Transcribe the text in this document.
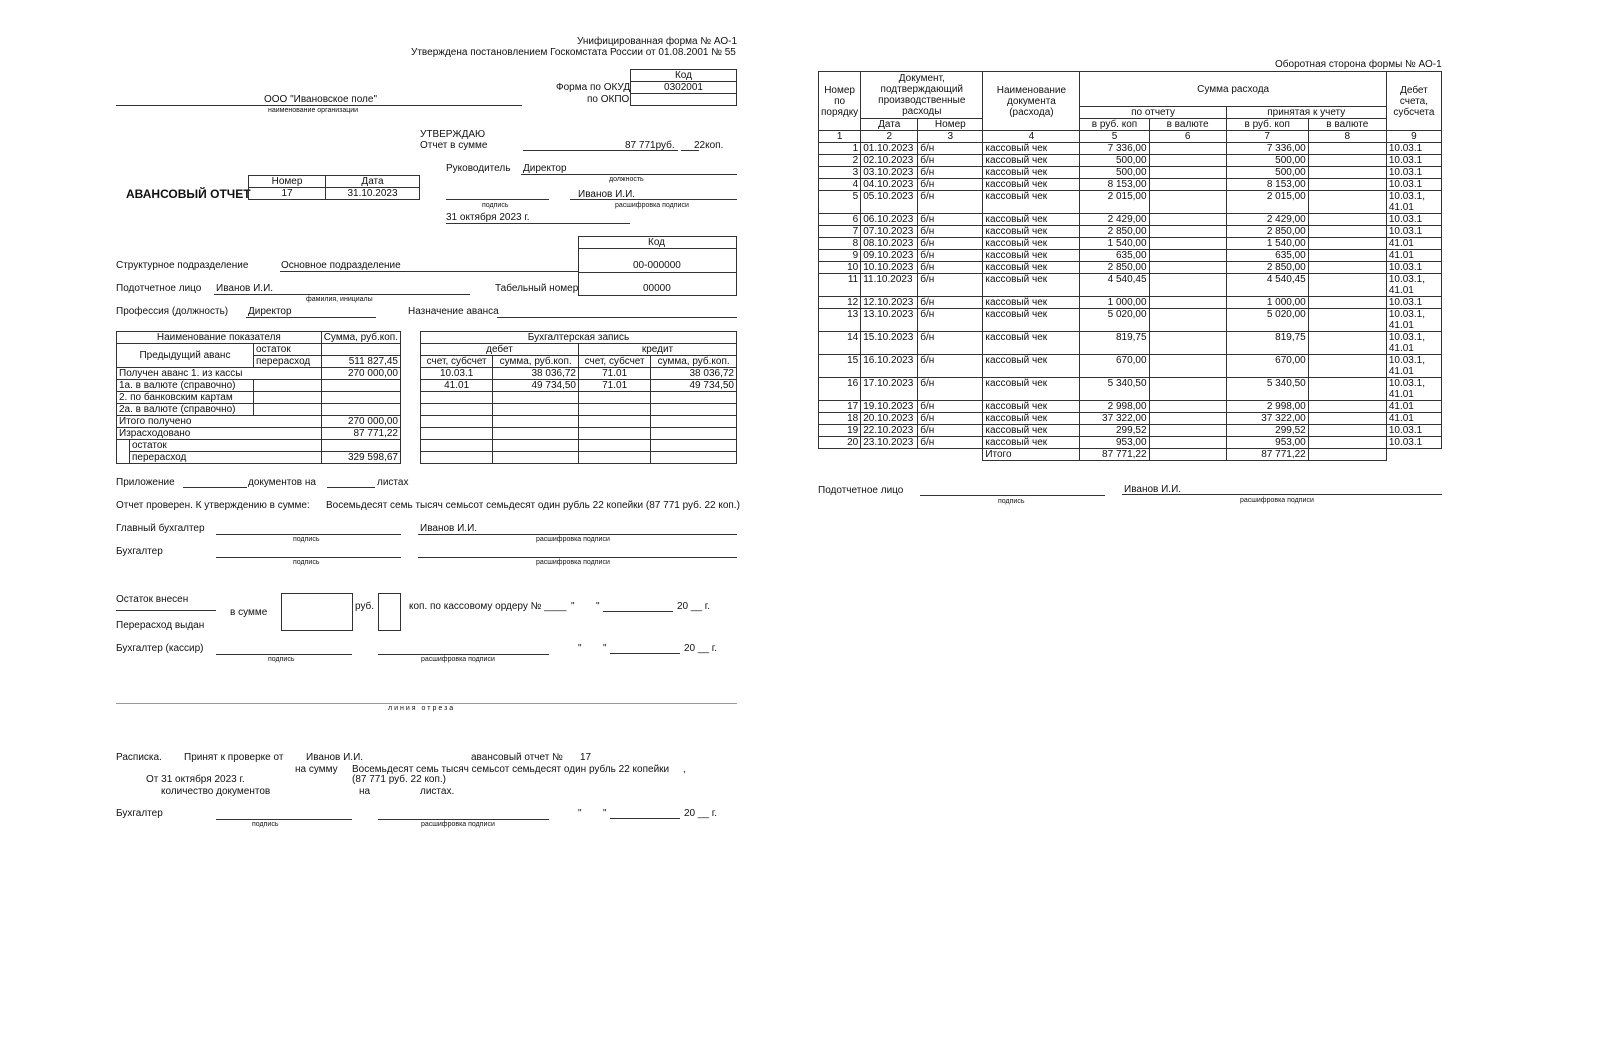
Унифицированная форма № АО-1
Утверждена постановлением Госкомстата России от 01.08.2001 № 55
Код
0302001

Форма по ОКУД
по ОКПО
ООО "Ивановское поле"
наименование организации
УТВЕРЖДАЮ
Отчет в сумме	87 771руб. 22коп.
Руководитель Директор
должность
Иванов И.И.
подпись	расшифровка подписи
31 октября 2023 г.
АВАНСОВЫЙ ОТЧЕТ
Номер	Дата
17	31.10.2023
Код
00-000000
00000
Структурное подразделение	Основное подразделение
Подотчетное лицо Иванов И.И.
фамилия, инициалы
Табельный номер
Профессия (должность) Директор	Назначение аванса
Наименование показателя			Сумма, руб.коп.
Предыдущий аванс		остаток	
		перерасход	511 827,45
Получен аванс 1. из кассы			270 000,00
1а. в валюте (справочно)			
2. по банковским картам			
2а. в валюте (справочно)			
Итого получено			270 000,00
Израсходовано			87 771,22
	остаток		
	перерасход		329 598,67
Бухгалтерская запись			
дебет		кредит	
счет, субсчет	сумма, руб.коп.	счет, субсчет	сумма, руб.коп.
10.03.1	38 036,72	71.01	38 036,72
41.01	49 734,50	71.01	49 734,50

Приложение	документов на	листах
Отчет проверен. К утверждению в сумме: Восемьдесят семь тысяч семьсот семьдесят один рубль 22 копейки (87 771 руб. 22 коп.)
Главный бухгалтер	Иванов И.И.
подпись	расшифровка подписи
Бухгалтер
подпись	расшифровка подписи
Остаток внесен
в сумме
руб.	коп. по кассовому ордеру № ____ " "	20 __ г.
Перерасход выдан
Бухгалтер (кассир)
подпись	расшифровка подписи
" "	20 __ г.
линия отреза
Расписка. Принят к проверке от Иванов И.И.	авансовый отчет № 17
на сумму Восемьдесят семь тысяч семьсот семьдесят один рубль 22 копейки ,
От 31 октября 2023 г.	(87 771 руб. 22 коп.)
количество документов	на	листах.
Бухгалтер
подпись	расшифровка подписи
" "	20 __ г.
Оборотная сторона формы № АО-1
Номер по порядку	Документ, подтверждающий производственные расходы		Наименование документа (расхода)	Сумма расхода				Дебет счета, субсчета
				по отчету		принятая к учету		
	Дата	Номер		в руб. коп	в валюте	в руб. коп	в валюте	
1	2	3	4	5	6	7	8	9
1	01.10.2023	б/н	кассовый чек	7 336,00		7 336,00		10.03.1
2	02.10.2023	б/н	кассовый чек	500,00		500,00		10.03.1
3	03.10.2023	б/н	кассовый чек	500,00		500,00		10.03.1
4	04.10.2023	б/н	кассовый чек	8 153,00		8 153,00		10.03.1
5	05.10.2023	б/н	кассовый чек	2 015,00		2 015,00		10.03.1,
41.01

6	06.10.2023	б/н	кассовый чек	2 429,00		2 429,00		10.03.1
7	07.10.2023	б/н	кассовый чек	2 850,00		2 850,00		10.03.1
8	08.10.2023	б/н	кассовый чек	1 540,00		1 540,00		41.01
9	09.10.2023	б/н	кассовый чек	635,00		635,00		41.01
10	10.10.2023	б/н	кассовый чек	2 850,00		2 850,00		10.03.1
11	11.10.2023	б/н	кассовый чек	4 540,45		4 540,45		10.03.1,
41.01

12	12.10.2023	б/н	кассовый чек	1 000,00		1 000,00		10.03.1
13	13.10.2023	б/н	кассовый чек	5 020,00		5 020,00		10.03.1,
41.01

14	15.10.2023	б/н	кассовый чек	819,75		819,75		10.03.1,
41.01

15	16.10.2023	б/н	кассовый чек	670,00		670,00		10.03.1,
41.01

16	17.10.2023	б/н	кассовый чек	5 340,50		5 340,50		10.03.1,
41.01

17	19.10.2023	б/н	кассовый чек	2 998,00		2 998,00		41.01
18	20.10.2023	б/н	кассовый чек	37 322,00		37 322,00		41.01
19	22.10.2023	б/н	кассовый чек	299,52		299,52		10.03.1
20	23.10.2023	б/н	кассовый чек	953,00		953,00		10.03.1
			Итого	87 771,22		87 771,22		
Подотчетное лицо	Иванов И.И.
подпись	расшифровка подписи
